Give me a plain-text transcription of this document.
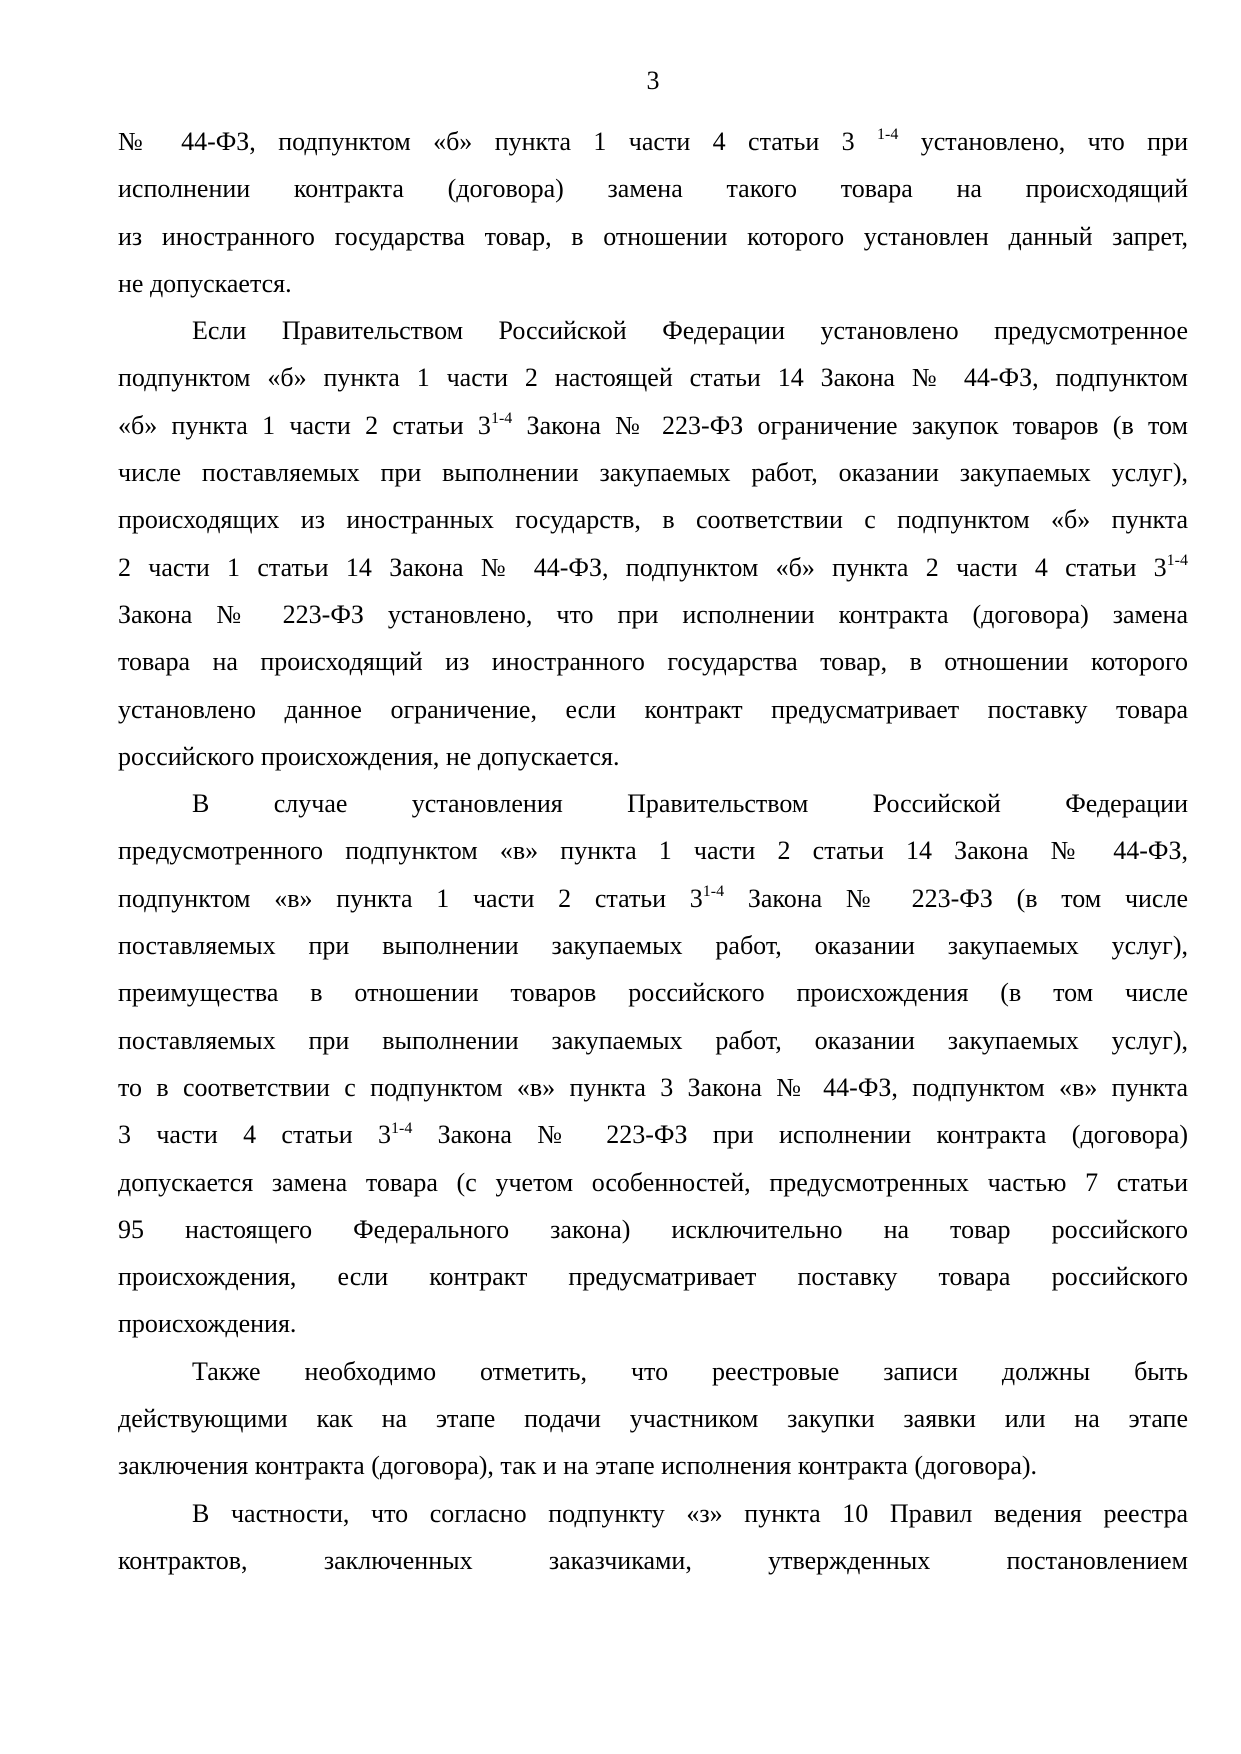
3
№ 44-ФЗ, подпунктом «б» пункта 1 части 4 статьи 3 $^{1-4}$ установлено, что при
исполнении контракта (договора) замена такого товара на происходящий
из иностранного государства товар, в отношении которого установлен данный запрет,
не допускается.
Если Правительством Российской Федерации установлено предусмотренное
подпунктом «б» пункта 1 части 2 настоящей статьи 14 Закона № 44-ФЗ, подпунктом
«б» пункта 1 части 2 статьи 3$^{1-4}$ Закона № 223-ФЗ ограничение закупок товаров (в том
числе поставляемых при выполнении закупаемых работ, оказании закупаемых услуг),
происходящих из иностранных государств, в соответствии с подпунктом «б» пункта
2 части 1 статьи 14 Закона № 44-ФЗ, подпунктом «б» пункта 2 части 4 статьи 3$^{1-4}$
Закона № 223-ФЗ установлено, что при исполнении контракта (договора) замена
товара на происходящий из иностранного государства товар, в отношении которого
установлено данное ограничение, если контракт предусматривает поставку товара
российского происхождения, не допускается.
В случае установления Правительством Российской Федерации
предусмотренного подпунктом «в» пункта 1 части 2 статьи 14 Закона № 44-ФЗ,
подпунктом «в» пункта 1 части 2 статьи 3$^{1-4}$ Закона № 223-ФЗ (в том числе
поставляемых при выполнении закупаемых работ, оказании закупаемых услуг),
преимущества в отношении товаров российского происхождения (в том числе
поставляемых при выполнении закупаемых работ, оказании закупаемых услуг),
то в соответствии с подпунктом «в» пункта 3 Закона № 44-ФЗ, подпунктом «в» пункта
3 части 4 статьи 3$^{1-4}$ Закона № 223-ФЗ при исполнении контракта (договора)
допускается замена товара (с учетом особенностей, предусмотренных частью 7 статьи
95 настоящего Федерального закона) исключительно на товар российского
происхождения, если контракт предусматривает поставку товара российского
происхождения.
Также необходимо отметить, что реестровые записи должны быть
действующими как на этапе подачи участником закупки заявки или на этапе
заключения контракта (договора), так и на этапе исполнения контракта (договора).
В частности, что согласно подпункту «з» пункта 10 Правил ведения реестра
контрактов, заключенных заказчиками, утвержденных постановлением
